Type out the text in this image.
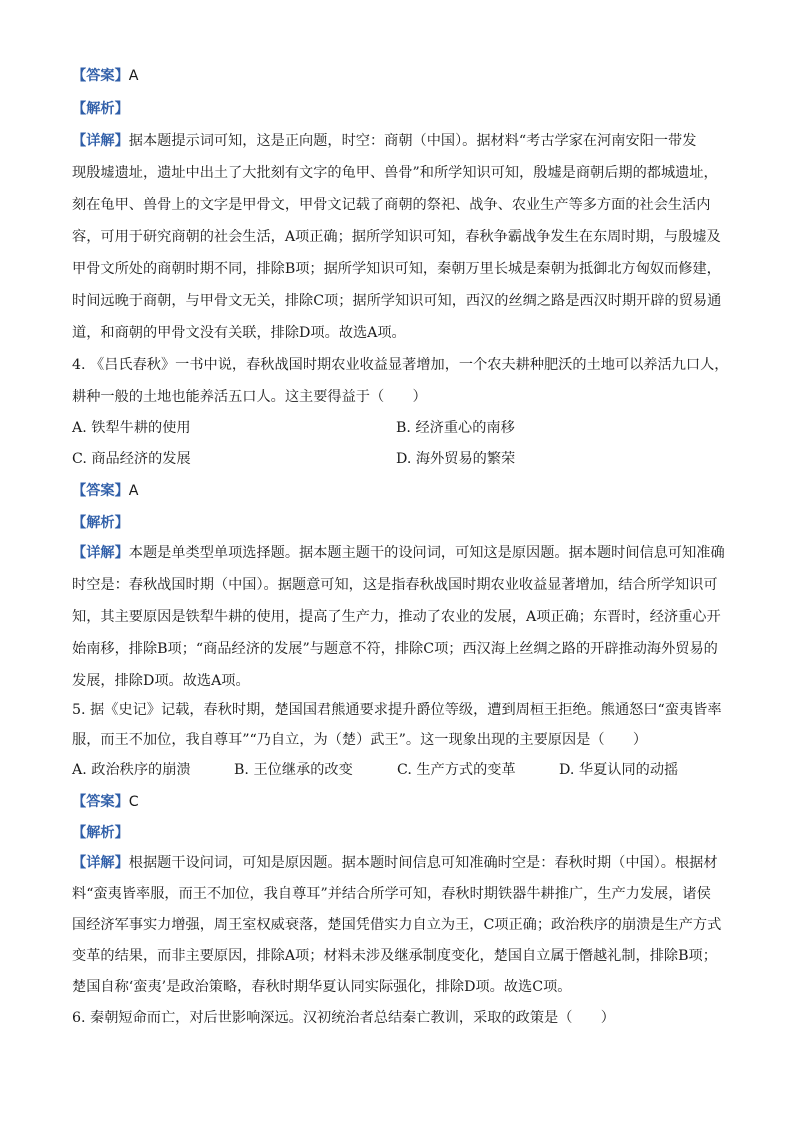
【答案】A
【解析】
【详解】据本题提示词可知，这是正向题，时空：商朝（中国）。据材料“考古学家在河南安阳一带发
现殷墟遗址，遗址中出土了大批刻有文字的龟甲、兽骨”和所学知识可知，殷墟是商朝后期的都城遗址，
刻在龟甲、兽骨上的文字是甲骨文，甲骨文记载了商朝的祭祀、战争、农业生产等多方面的社会生活内
容，可用于研究商朝的社会生活，A项正确；据所学知识可知，春秋争霸战争发生在东周时期，与殷墟及
甲骨文所处的商朝时期不同，排除B项；据所学知识可知，秦朝万里长城是秦朝为抵御北方匈奴而修建，
时间远晚于商朝，与甲骨文无关，排除C项；据所学知识可知，西汉的丝绸之路是西汉时期开辟的贸易通
道，和商朝的甲骨文没有关联，排除D项。故选A项。
4. 《吕氏春秋》一书中说，春秋战国时期农业收益显著增加，一个农夫耕种肥沃的土地可以养活九口人，
耕种一般的土地也能养活五口人。这主要得益于（　　）
A. 铁犁牛耕的使用	B. 经济重心的南移
C. 商品经济的发展	D. 海外贸易的繁荣
【答案】A
【解析】
【详解】本题是单类型单项选择题。据本题主题干的设问词，可知这是原因题。据本题时间信息可知准确
时空是：春秋战国时期（中国）。据题意可知，这是指春秋战国时期农业收益显著增加，结合所学知识可
知，其主要原因是铁犁牛耕的使用，提高了生产力，推动了农业的发展，A项正确；东晋时，经济重心开
始南移，排除B项；“商品经济的发展”与题意不符，排除C项；西汉海上丝绸之路的开辟推动海外贸易的
发展，排除D项。故选A项。
5. 据《史记》记载，春秋时期，楚国国君熊通要求提升爵位等级，遭到周桓王拒绝。熊通怒曰“蛮夷皆率
服，而王不加位，我自尊耳”“乃自立，为（楚）武王”。这一现象出现的主要原因是（　　）
A. 政治秩序的崩溃	B. 王位继承的改变	C. 生产方式的变革	D. 华夏认同的动摇
【答案】C
【解析】
【详解】根据题干设问词，可知是原因题。据本题时间信息可知准确时空是：春秋时期（中国）。根据材
料“蛮夷皆率服，而王不加位，我自尊耳”并结合所学可知，春秋时期铁器牛耕推广，生产力发展，诸侯
国经济军事实力增强，周王室权威衰落，楚国凭借实力自立为王，C项正确；政治秩序的崩溃是生产方式
变革的结果，而非主要原因，排除A项；材料未涉及继承制度变化，楚国自立属于僭越礼制，排除B项；
楚国自称‘蛮夷’是政治策略，春秋时期华夏认同实际强化，排除D项。故选C项。
6. 秦朝短命而亡，对后世影响深远。汉初统治者总结秦亡教训，采取的政策是（　　）
